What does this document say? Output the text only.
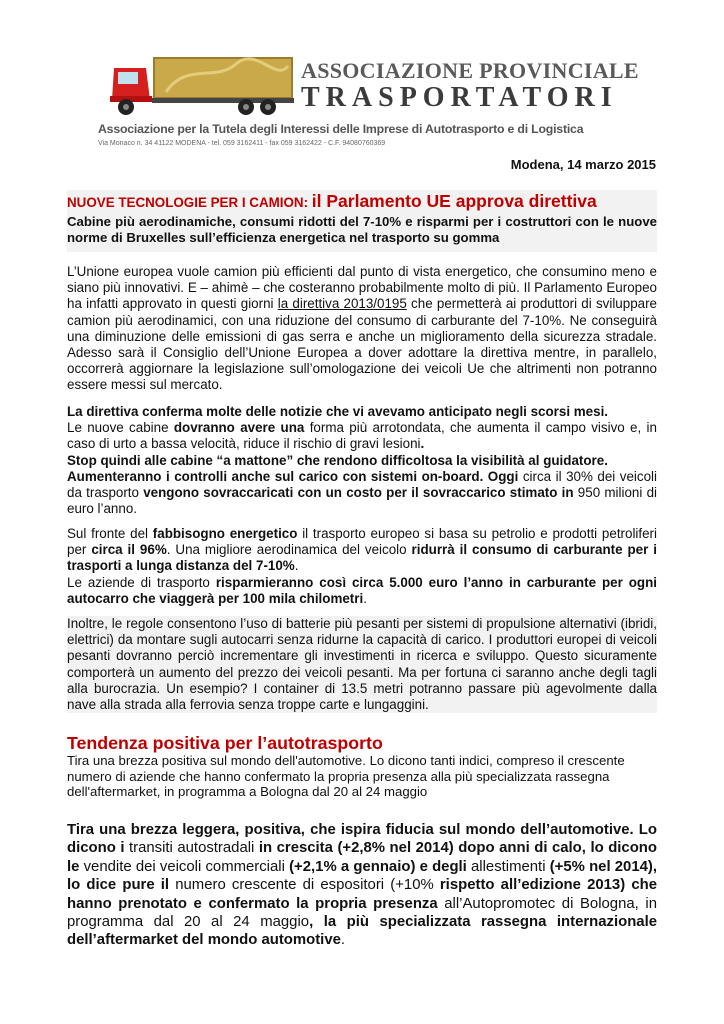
ASSOCIAZIONE PROVINCIALE
TRASPORTATORI
Associazione per la Tutela degli Interessi delle Imprese di Autotrasporto e di Logistica
Via Monaco n. 34 41122 MODENA - tel. 059 3162411 - fax 059 3162422 - C.F. 94080760369
Modena, 14 marzo 2015
NUOVE TECNOLOGIE PER I CAMION: il Parlamento UE approva direttiva
Cabine più aerodinamiche, consumi ridotti del 7-10% e risparmi per i costruttori con le nuove norme di Bruxelles sull’efficienza energetica nel trasporto su gomma

L’Unione europea vuole camion più efficienti dal punto di vista energetico, che consumino meno e siano più innovativi. E – ahimè – che costeranno probabilmente molto di più. Il Parlamento Europeo ha infatti approvato in questi giorni la direttiva 2013/0195 che permetterà ai produttori di sviluppare camion più aerodinamici, con una riduzione del consumo di carburante del 7-10%. Ne conseguirà una diminuzione delle emissioni di gas serra e anche un miglioramento della sicurezza stradale. Adesso sarà il Consiglio dell’Unione Europea a dover adottare la direttiva mentre, in parallelo, occorrerà aggiornare la legislazione sull’omologazione dei veicoli Ue che altrimenti non potranno essere messi sul mercato.

La direttiva conferma molte delle notizie che vi avevamo anticipato negli scorsi mesi.

Le nuove cabine dovranno avere una forma più arrotondata, che aumenta il campo visivo e, in caso di urto a bassa velocità, riduce il rischio di gravi lesioni.

Stop quindi alle cabine “a mattone” che rendono difficoltosa la visibilità al guidatore.

Aumenteranno i controlli anche sul carico con sistemi on-board. Oggi circa il 30% dei veicoli da trasporto vengono sovraccaricati con un costo per il sovraccarico stimato in 950 milioni di euro l’anno.

Sul fronte del fabbisogno energetico il trasporto europeo si basa su petrolio e prodotti petroliferi per circa il 96%. Una migliore aerodinamica del veicolo ridurrà il consumo di carburante per i trasporti a lunga distanza del 7-10%.

Le aziende di trasporto risparmieranno così circa 5.000 euro l’anno in carburante per ogni autocarro che viaggerà per 100 mila chilometri.

Inoltre, le regole consentono l’uso di batterie più pesanti per sistemi di propulsione alternativi (ibridi, elettrici) da montare sugli autocarri senza ridurne la capacità di carico. I produttori europei di veicoli pesanti dovranno perciò incrementare gli investimenti in ricerca e sviluppo. Questo sicuramente comporterà un aumento del prezzo dei veicoli pesanti. Ma per fortuna ci saranno anche degli tagli alla burocrazia. Un esempio? I container di 13.5 metri potranno passare più agevolmente dalla nave alla strada alla ferrovia senza troppe carte e lungaggini.

Tendenza positiva per l’autotrasporto
Tira una brezza positiva sul mondo dell'automotive. Lo dicono tanti indici, compreso il crescente numero di aziende che hanno confermato la propria presenza alla più specializzata rassegna dell'aftermarket, in programma a Bologna dal 20 al 24 maggio

Tira una brezza leggera, positiva, che ispira fiducia sul mondo dell’automotive. Lo dicono i transiti autostradali in crescita (+2,8% nel 2014) dopo anni di calo, lo dicono le vendite dei veicoli commerciali (+2,1% a gennaio) e degli allestimenti (+5% nel 2014), lo dice pure il numero crescente di espositori (+10% rispetto all’edizione 2013) che hanno prenotato e confermato la propria presenza all’Autopromotec di Bologna, in programma dal 20 al 24 maggio, la più specializzata rassegna internazionale dell’aftermarket del mondo automotive.
